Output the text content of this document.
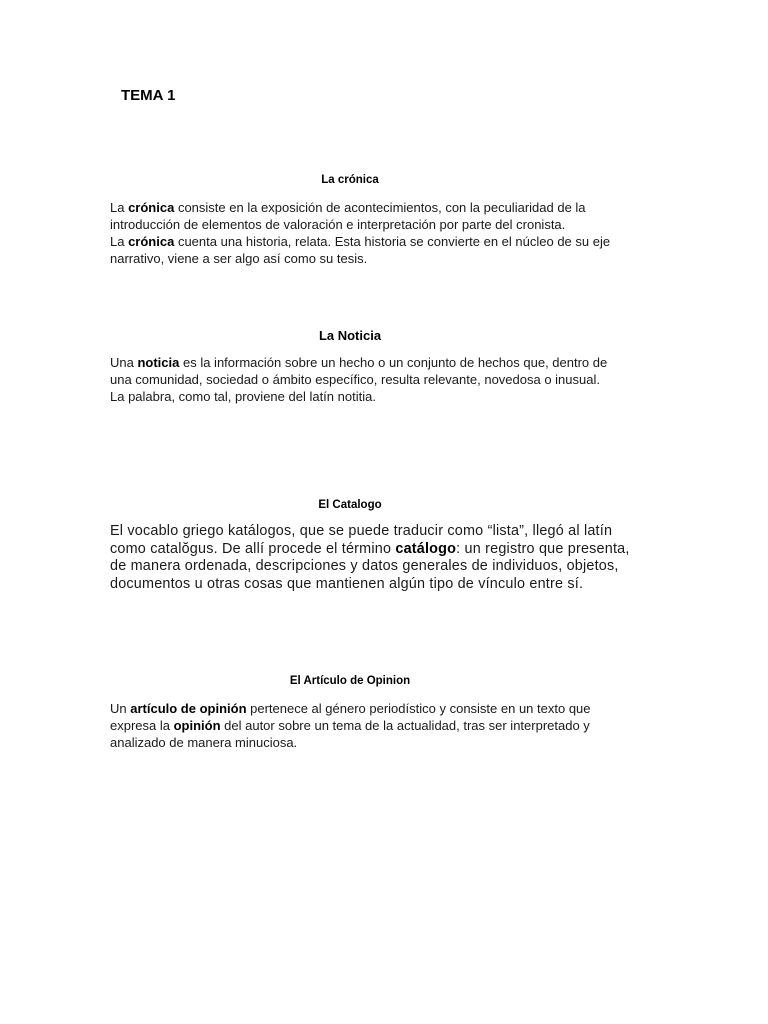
TEMA 1
La crónica
La crónica consiste en la exposición de acontecimientos, con la peculiaridad de la
introducción de elementos de valoración e interpretación por parte del cronista.
La crónica cuenta una historia, relata. Esta historia se convierte en el núcleo de su eje
narrativo, viene a ser algo así como su tesis.
La Noticia
Una noticia es la información sobre un hecho o un conjunto de hechos que, dentro de
una comunidad, sociedad o ámbito específico, resulta relevante, novedosa o inusual.
La palabra, como tal, proviene del latín notitia.
El Catalogo
El vocablo griego katálogos, que se puede traducir como “lista”, llegó al latín
como catalŏgus. De allí procede el término catálogo: un registro que presenta,
de manera ordenada, descripciones y datos generales de individuos, objetos,
documentos u otras cosas que mantienen algún tipo de vínculo entre sí.
El Artículo de Opinion
Un artículo de opinión pertenece al género periodístico y consiste en un texto que
expresa la opinión del autor sobre un tema de la actualidad, tras ser interpretado y
analizado de manera minuciosa.
